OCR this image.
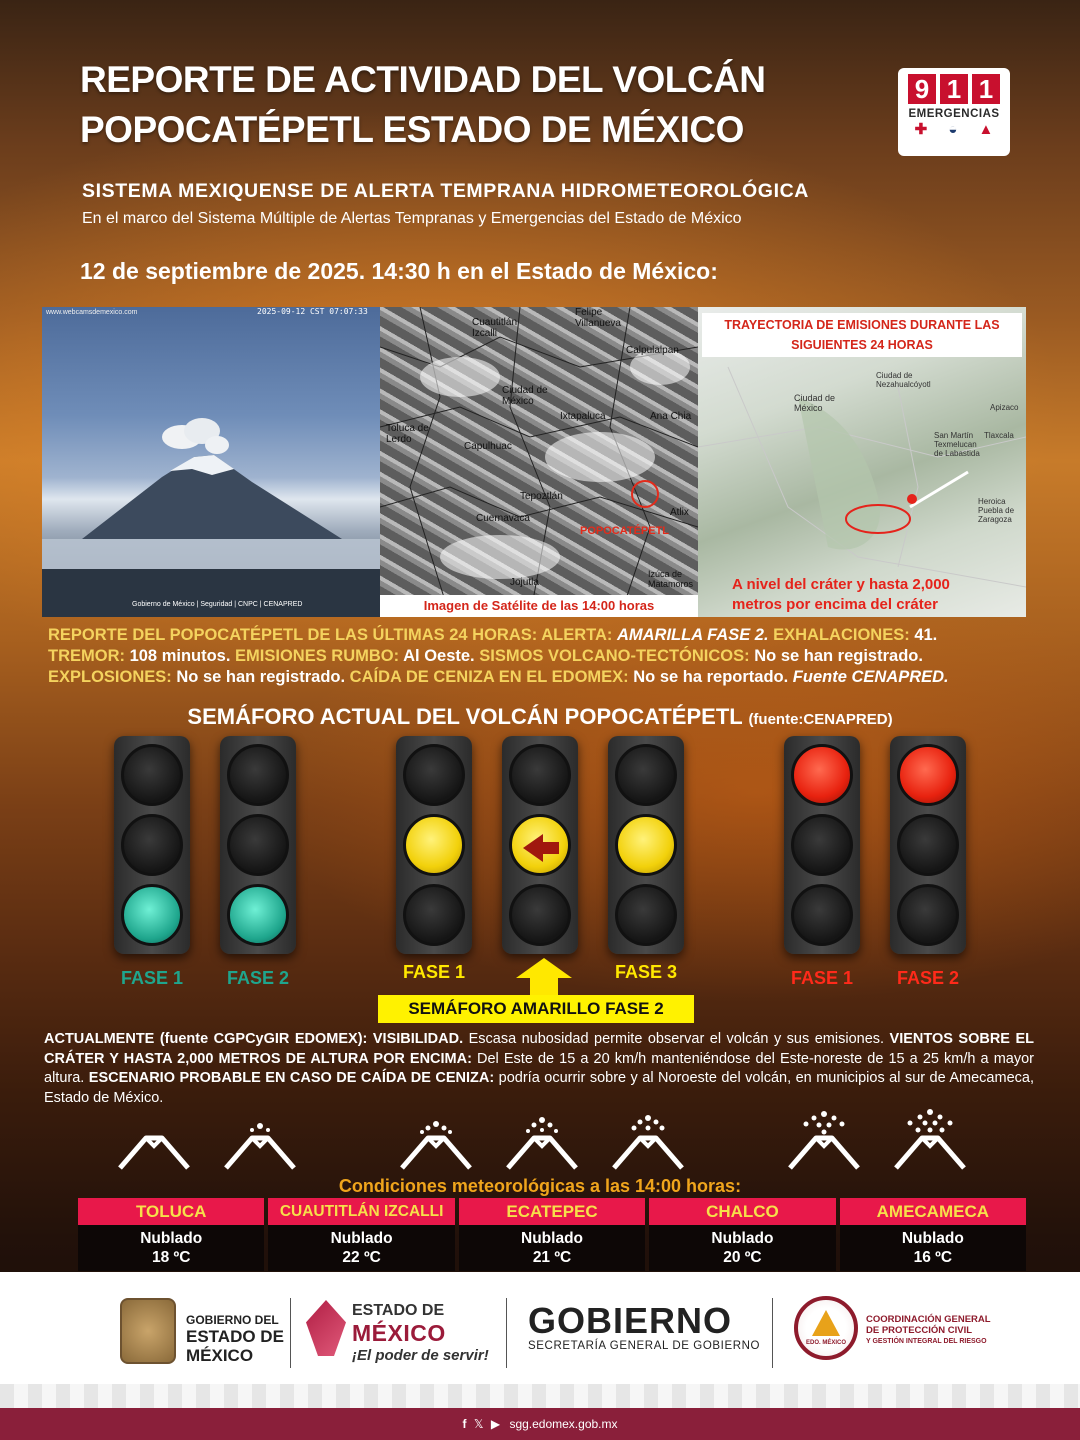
REPORTE DE ACTIVIDAD DEL VOLCÁN
POPOCATÉPETL ESTADO DE MÉXICO
9 1 1
EMERGENCIAS
✚ ◒ ▲
SISTEMA MEXIQUENSE DE ALERTA TEMPRANA HIDROMETEOROLÓGICA
En el marco del Sistema Múltiple de Alertas Tempranas y Emergencias del Estado de México
12 de septiembre de 2025. 14:30 h en el Estado de México:
www.webcamsdemexico.com	2025-09-12 CST 07:07:33
Gobierno de México | Seguridad | CNPC | CENAPRED
Cuautitlán Izcalli
Felipe Villanueva
Calpulalpan
Ciudad de México
Ixtapaluca	Ana Chia
Toluca de Lerdo
Capulhuac
Tepoztlán
Cuernavaca
Atlix
Jojutla
Izúca de Matamoros
POPOCATÉPETL
Imagen de Satélite de las 14:00 horas
Ciudad de México	Apizaco
Tlaxcala
San Martín Texmelucan de Labastida
Heroica Puebla de Zaragoza
Ciudad de Nezahualcóyotl
TRAYECTORIA DE EMISIONES DURANTE LAS
SIGUIENTES 24 HORAS
A nivel del cráter y hasta 2,000
metros por encima del cráter
REPORTE DEL POPOCATÉPETL DE LAS ÚLTIMAS 24 HORAS: ALERTA: AMARILLA FASE 2. EXHALACIONES: 41.
TREMOR: 108 minutos. EMISIONES RUMBO: Al Oeste. SISMOS VOLCANO-TECTÓNICOS: No se han registrado.
EXPLOSIONES: No se han registrado. CAÍDA DE CENIZA EN EL EDOMEX: No se ha reportado. Fuente CENAPRED.
SEMÁFORO ACTUAL DEL VOLCÁN POPOCATÉPETL (fuente:CENAPRED)
FASE 1	FASE 2	FASE 1	FASE 3	FASE 1	FASE 2
SEMÁFORO AMARILLO FASE 2
ACTUALMENTE (fuente CGPCyGIR EDOMEX): VISIBILIDAD. Escasa nubosidad permite observar el volcán y sus emisiones. VIENTOS SOBRE EL CRÁTER Y HASTA 2,000 METROS DE ALTURA POR ENCIMA: Del Este de 15 a 20 km/h manteniéndose del Este-noreste de 15 a 25 km/h a mayor altura. ESCENARIO PROBABLE EN CASO DE CAÍDA DE CENIZA: podría ocurrir sobre y al Noroeste del volcán, en municipios al sur de Amecameca, Estado de México.
Condiciones meteorológicas a las 14:00 horas:
TOLUCA
Nublado
18 ºC
CUAUTITLÁN IZCALLI
Nublado
22 ºC
ECATEPEC
Nublado
21 ºC
CHALCO
Nublado
20 ºC
AMECAMECA
Nublado
16 ºC
GOBIERNO DEL
ESTADO DE
MÉXICO
ESTADO DE
MÉXICO
¡El poder de servir!
GOBIERNO
SECRETARÍA GENERAL DE GOBIERNO	EDO. MÉXICO
COORDINACIÓN GENERAL
DE PROTECCIÓN CIVIL
Y GESTIÓN INTEGRAL DEL RIESGO
f 𝕏 ▶ sgg.edomex.gob.mx
